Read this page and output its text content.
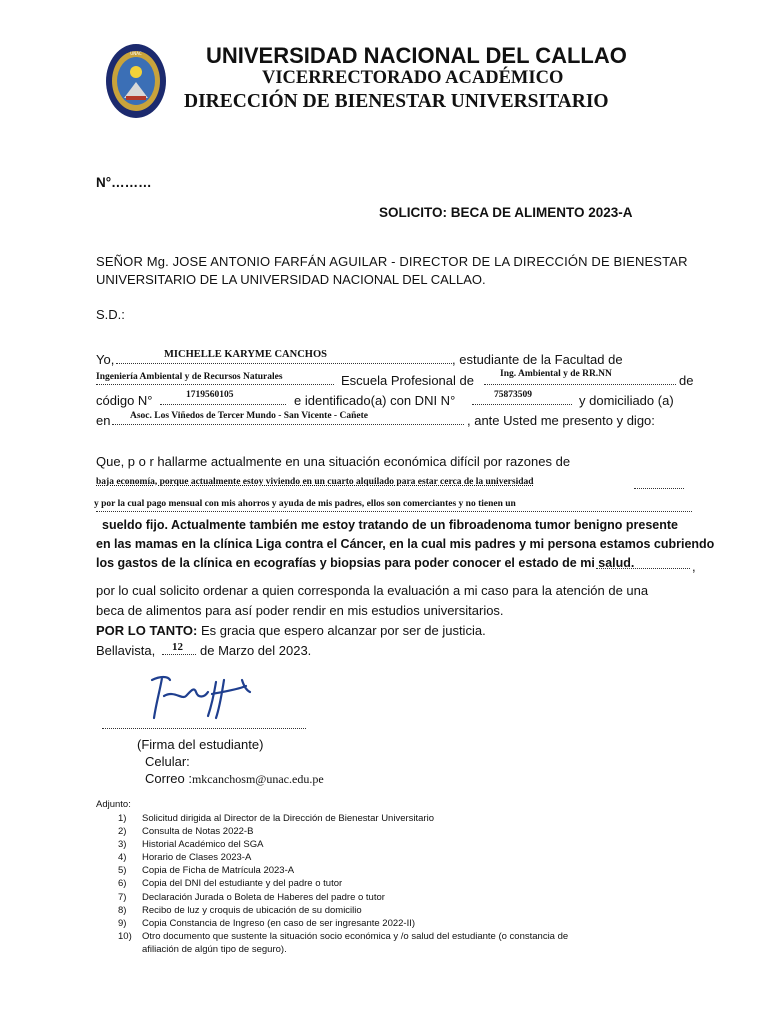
UNAC	UNIVERSIDAD NACIONAL DEL CALLAO
VICERRECTORADO ACADÉMICO
DIRECCIÓN DE BIENESTAR UNIVERSITARIO
N°………
SOLICITO: BECA DE ALIMENTO 2023-A
SEÑOR Mg. JOSE ANTONIO FARFÁN AGUILAR - DIRECTOR DE LA DIRECCIÓN DE BIENESTAR
UNIVERSITARIO DE LA UNIVERSIDAD NACIONAL DEL CALLAO.
S.D.:
Yo,	MICHELLE KARYME CANCHOS	, estudiante de la Facultad de
Ingeniería Ambiental y de Recursos Naturales	Escuela Profesional de	Ing. Ambiental y de RR.NN	de
código N°	1719560105	e identificado(a) con DNI N°	75873509	y domiciliado (a)
en Asoc. Los Viñedos de Tercer Mundo - San Vicente - Cañete	, ante Usted me presento y digo:
Que, p o r hallarme actualmente en una situación económica difícil por razones de
baja economía, porque actualmente estoy viviendo en un cuarto alquilado para estar cerca de la universidad
y por la cual pago mensual con mis ahorros y ayuda de mis padres, ellos son comerciantes y no tienen un
sueldo fijo. Actualmente también me estoy tratando de un fibroadenoma tumor benigno presente
en las mamas en la clínica Liga contra el Cáncer, en la cual mis padres y mi persona estamos cubriendo
los gastos de la clínica en ecografías y biopsias para poder conocer el estado de mi salud.	,
por lo cual solicito ordenar a quien corresponda la evaluación a mi caso para la atención de una
beca de alimentos para así poder rendir en mis estudios universitarios.
POR LO TANTO: Es gracia que espero alcanzar por ser de justicia.
Bellavista, 12 de Marzo del 2023.
(Firma del estudiante)
Celular:
Correo :mkcanchosm@unac.edu.pe
Adjunto:
1) Solicitud dirigida al Director de la Dirección de Bienestar Universitario
2) Consulta de Notas 2022-B
3) Historial Académico del SGA
4) Horario de Clases 2023-A
5) Copia de Ficha de Matrícula 2023-A
6) Copia del DNI del estudiante y del padre o tutor
7) Declaración Jurada o Boleta de Haberes del padre o tutor
8) Recibo de luz y croquis de ubicación de su domicilio
9) Copia Constancia de Ingreso (en caso de ser ingresante 2022-II)
10) Otro documento que sustente la situación socio económica y /o salud del estudiante (o constancia de
afiliación de algún tipo de seguro).
